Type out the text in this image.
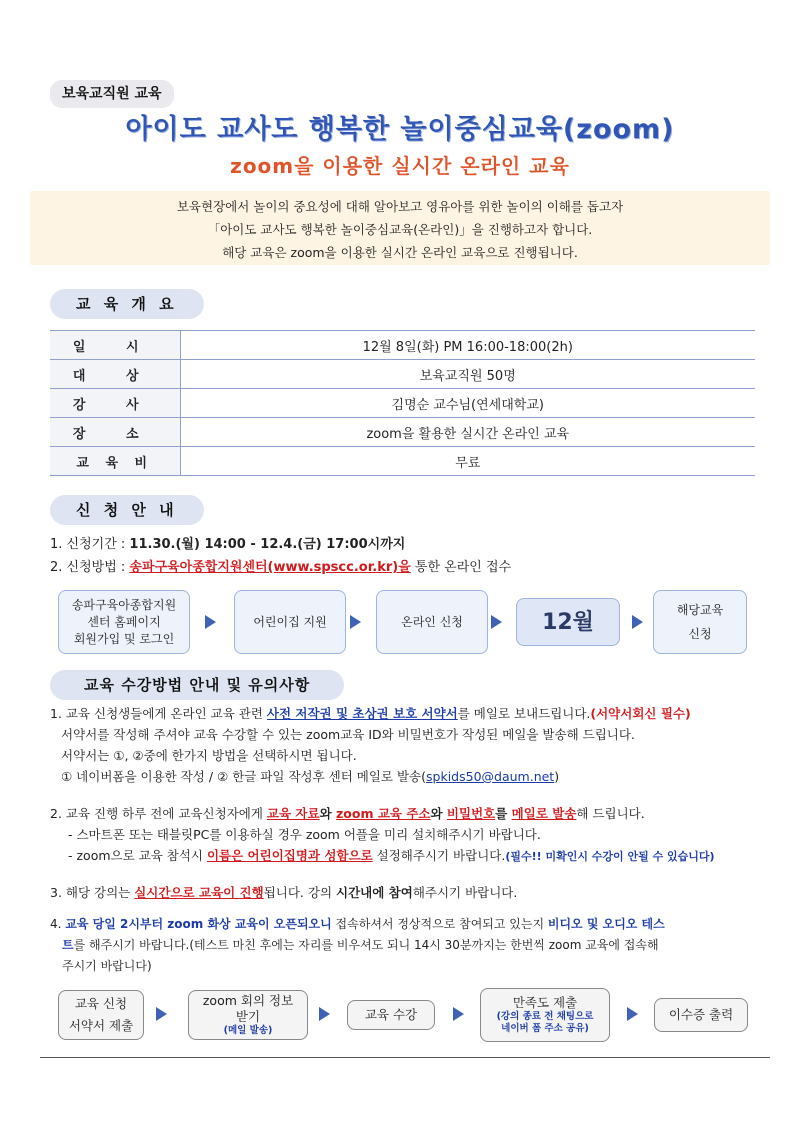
보육교직원 교육
아이도 교사도 행복한 놀이중심교육(zoom)
zoom을 이용한 실시간 온라인 교육
보육현장에서 놀이의 중요성에 대해 알아보고 영유아를 위한 놀이의 이해를 돕고자
「아이도 교사도 행복한 놀이중심교육(온라인)」을 진행하고자 합니다.
해당 교육은 zoom을 이용한 실시간 온라인 교육으로 진행됩니다.
교 육 개 요
일 시	12월 8일(화) PM 16:00-18:00(2h)
대 상	보육교직원 50명
강 사	김명순 교수님(연세대학교)
장 소	zoom을 활용한 실시간 온라인 교육
교 육 비	무료
신 청 안 내
1. 신청기간 : 11.30.(월) 14:00 - 12.4.(금) 17:00시까지
2. 신청방법 : 송파구육아종합지원센터(www.spscc.or.kr)을 통한 온라인 접수
송파구육아종합지원
센터 홈페이지
회원가입 및 로그인
어린이집 지원	온라인 신청	12월	해당교육
신청
교육 수강방법 안내 및 유의사항
1. 교육 신청생들에게 온라인 교육 관련 사전 저작권 및 초상권 보호 서약서를 메일로 보내드립니다.(서약서회신 필수)
서약서를 작성해 주셔야 교육 수강할 수 있는 zoom교육 ID와 비밀번호가 작성된 메일을 발송해 드립니다.
서약서는 ①, ②중에 한가지 방법을 선택하시면 됩니다.
① 네이버폼을 이용한 작성 / ② 한글 파일 작성후 센터 메일로 발송(spkids50@daum.net)
2. 교육 진행 하루 전에 교육신청자에게 교육 자료와 zoom 교육 주소와 비밀번호를 메일로 발송해 드립니다.
- 스마트폰 또는 태블릿PC를 이용하실 경우 zoom 어플을 미리 설치해주시기 바랍니다.
- zoom으로 교육 참석시 이름은 어린이집명과 성함으로 설정해주시기 바랍니다.(필수!! 미확인시 수강이 안될 수 있습니다)
3. 해당 강의는 실시간으로 교육이 진행됩니다. 강의 시간내에 참여해주시기 바랍니다.
4. 교육 당일 2시부터 zoom 화상 교육이 오픈되오니 접속하셔서 정상적으로 참여되고 있는지 비디오 및 오디오 테스
트를 해주시기 바랍니다.(테스트 마친 후에는 자리를 비우셔도 되니 14시 30분까지는 한번씩 zoom 교육에 접속해
주시기 바랍니다)
교육 신청
서약서 제출
zoom 회의 정보
받기
(메일 발송)
교육 수강
만족도 제출
(강의 종료 전 채팅으로
네이버 폼 주소 공유)
이수증 출력
